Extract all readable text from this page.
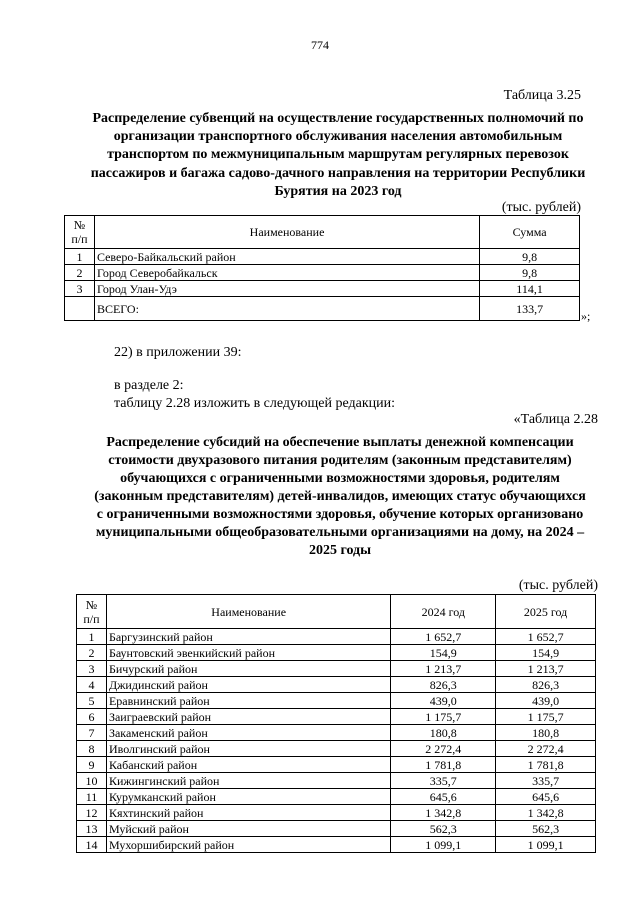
774
Таблица 3.25
Распределение субвенций на осуществление государственных полномочий по организации транспортного обслуживания населения автомобильным транспортом по межмуниципальным маршрутам регулярных перевозок пассажиров и багажа садово-дачного направления на территории Республики Бурятия на 2023 год
(тыс. рублей)
№
п/п	Наименование	Сумма
1	Северо-Байкальский район	9,8
2	Город Северобайкальск	9,8
3	Город Улан-Удэ	114,1
	ВСЕГО:	133,7
»;
22) в приложении 39:
в разделе 2:
таблицу 2.28 изложить в следующей редакции:
«Таблица 2.28
Распределение субсидий на обеспечение выплаты денежной компенсации стоимости двухразового питания родителям (законным представителям) обучающихся с ограниченными возможностями здоровья, родителям (законным представителям) детей-инвалидов, имеющих статус обучающихся с ограниченными возможностями здоровья, обучение которых организовано муниципальными общеобразовательными организациями на дому, на 2024 – 2025 годы
(тыс. рублей)
№
п/п	Наименование	2024 год	2025 год
1	Баргузинский район	1 652,7	1 652,7
2	Баунтовский эвенкийский район	154,9	154,9
3	Бичурский район	1 213,7	1 213,7
4	Джидинский район	826,3	826,3
5	Еравнинский район	439,0	439,0
6	Заиграевский район	1 175,7	1 175,7
7	Закаменский район	180,8	180,8
8	Иволгинский район	2 272,4	2 272,4
9	Кабанский район	1 781,8	1 781,8
10	Кижингинский район	335,7	335,7
11	Курумканский район	645,6	645,6
12	Кяхтинский район	1 342,8	1 342,8
13	Муйский район	562,3	562,3
14	Мухоршибирский район	1 099,1	1 099,1
